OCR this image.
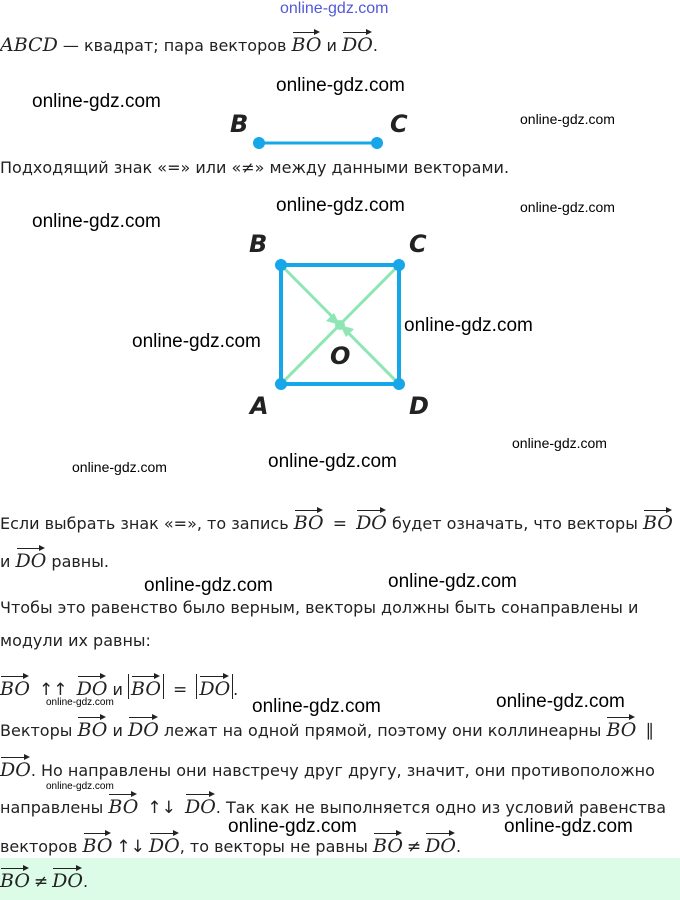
online-gdz.com
ABCD — квадрат; пара векторов BO и DO.
B	C
Подходящий знак «=» или «≠» между данными векторами.
B	C
O
A	D
Если выбрать знак «=», то запись BO = DO будет означать, что векторы BO
и DO равны.
Чтобы это равенство было верным, векторы должны быть сонаправлены и
модули их равны:
BO ↑↑ DO и BO = DO .
Векторы BO и DO лежат на одной прямой, поэтому они коллинеарны BO ∥
DO. Но направлены они навстречу друг другу, значит, они противоположно
направлены BO ↑↓ DO. Так как не выполняется одно из условий равенства
векторов BO ↑↓ DO, то векторы не равны BO ≠ DO.
BO ≠ DO.
online-gdz.com
online-gdz.com
online-gdz.com
online-gdz.com
online-gdz.com
online-gdz.com
online-gdz.com
online-gdz.com
online-gdz.com
online-gdz.com
online-gdz.com
online-gdz.com
online-gdz.com
online-gdz.com	online-gdz.com
online-gdz.com
online-gdz.com
online-gdz.com	online-gdz.com
